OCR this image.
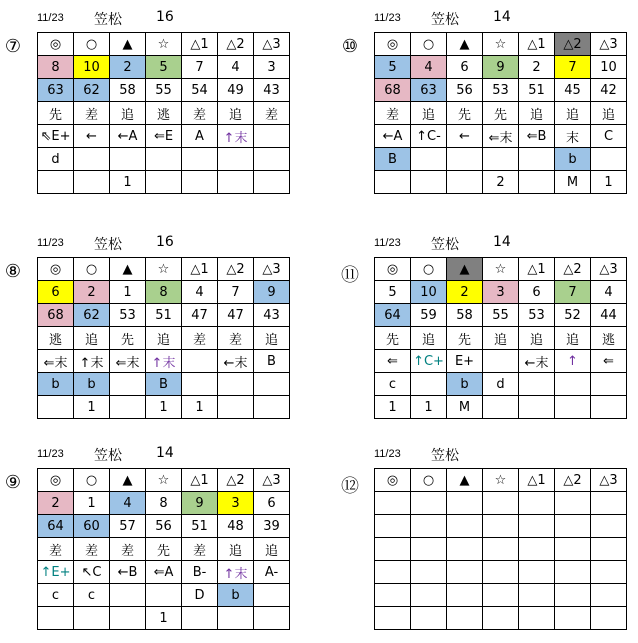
11/23 笠松 16
⑦	◎	○	▲	☆	△1	△2	△3
8	10	2	5	7	4	3
63	62	58	55	54	49	43
先	差	追	逃	差	追	差
⇖E+	←	←A	⇐E	A	↑末	
d						
		1				
11/23 笠松 14
⑩	◎	○	▲	☆	△1	△2	△3
5	4	6	9	2	7	10
68	63	56	53	51	45	42
差	追	先	先	追	追	追
←A	↑C-	←	⇐末	⇐B	末	C
B					b	
			2		M	1
11/23 笠松 16
⑧	◎	○	▲	☆	△1	△2	△3
6	2	1	8	4	7	9
68	62	53	51	47	47	43
逃	追	先	追	差	差	追
⇐末	↑末	⇐末	↑末		←末	B
b	b		B			
	1		1	1		
11/23 笠松 14
⑪	◎	○	▲	☆	△1	△2	△3
5	10	2	3	6	7	4
64	59	58	55	53	52	44
先	追	先	追	追	追	逃
⇐	↑C+	E+		←末	↑	⇐
c		b	d			
1	1	M				
11/23 笠松 14
⑨	◎	○	▲	☆	△1	△2	△3
2	1	4	8	9	3	6
64	60	57	56	51	48	39
差	差	差	先	差	追	追
↑E+	↖C	←B	⇐A	B-	↑末	A-
c	c			D	b	
			1			
11/23 笠松
⑫	◎	○	▲	☆	△1	△2	△3
